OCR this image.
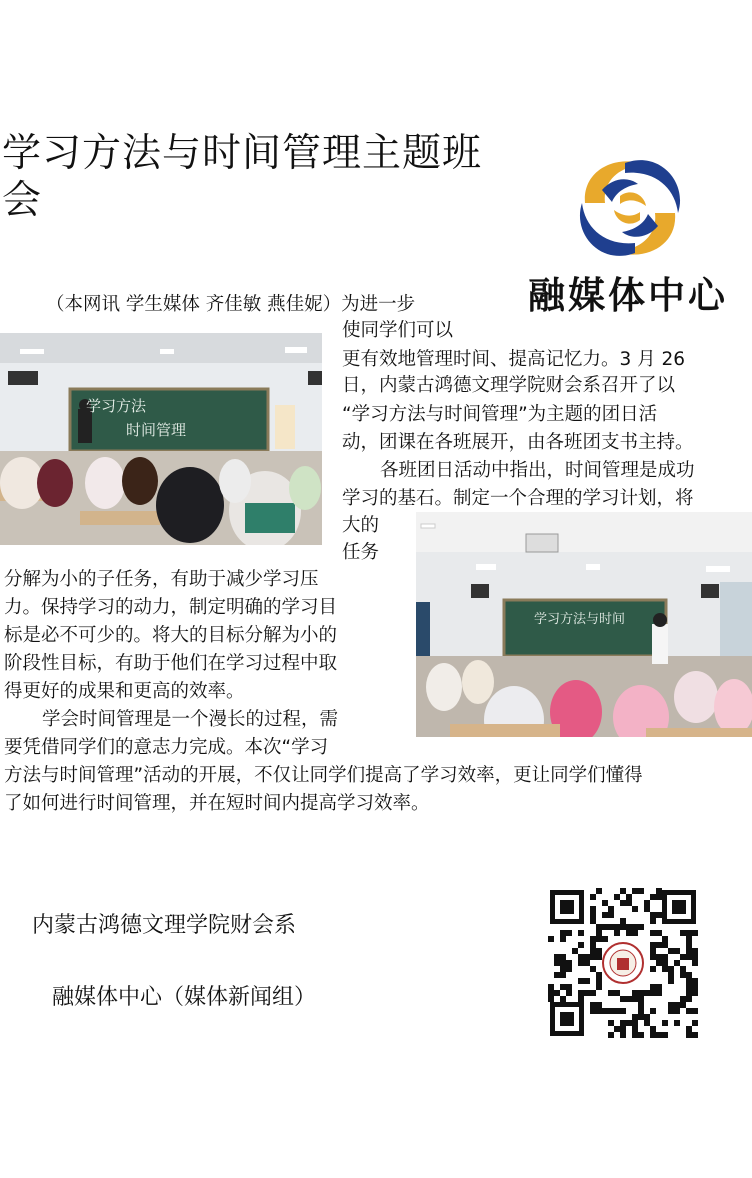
学习方法与时间管理主题班
会
融媒体中心
（本网讯 学生媒体 齐佳敏 燕佳妮）为进一步
使同学们可以
更有效地管理时间、提高记忆力。3 月 26
日，内蒙古鸿德文理学院财会系召开了以
“学习方法与时间管理”为主题的团日活
动，团课在各班展开，由各班团支书主持。
各班团日活动中指出，时间管理是成功
学习的基石。制定一个合理的学习计划，将
大的
任务
分解为小的子任务，有助于减少学习压
力。保持学习的动力，制定明确的学习目
标是必不可少的。将大的目标分解为小的
阶段性目标，有助于他们在学习过程中取
得更好的成果和更高的效率。
学会时间管理是一个漫长的过程，需
要凭借同学们的意志力完成。本次“学习
方法与时间管理”活动的开展，不仅让同学们提高了学习效率，更让同学们懂得
了如何进行时间管理，并在短时间内提高学习效率。
学习方法
时间管理
学习方法与时间
内蒙古鸿德文理学院财会系
融媒体中心（媒体新闻组）
